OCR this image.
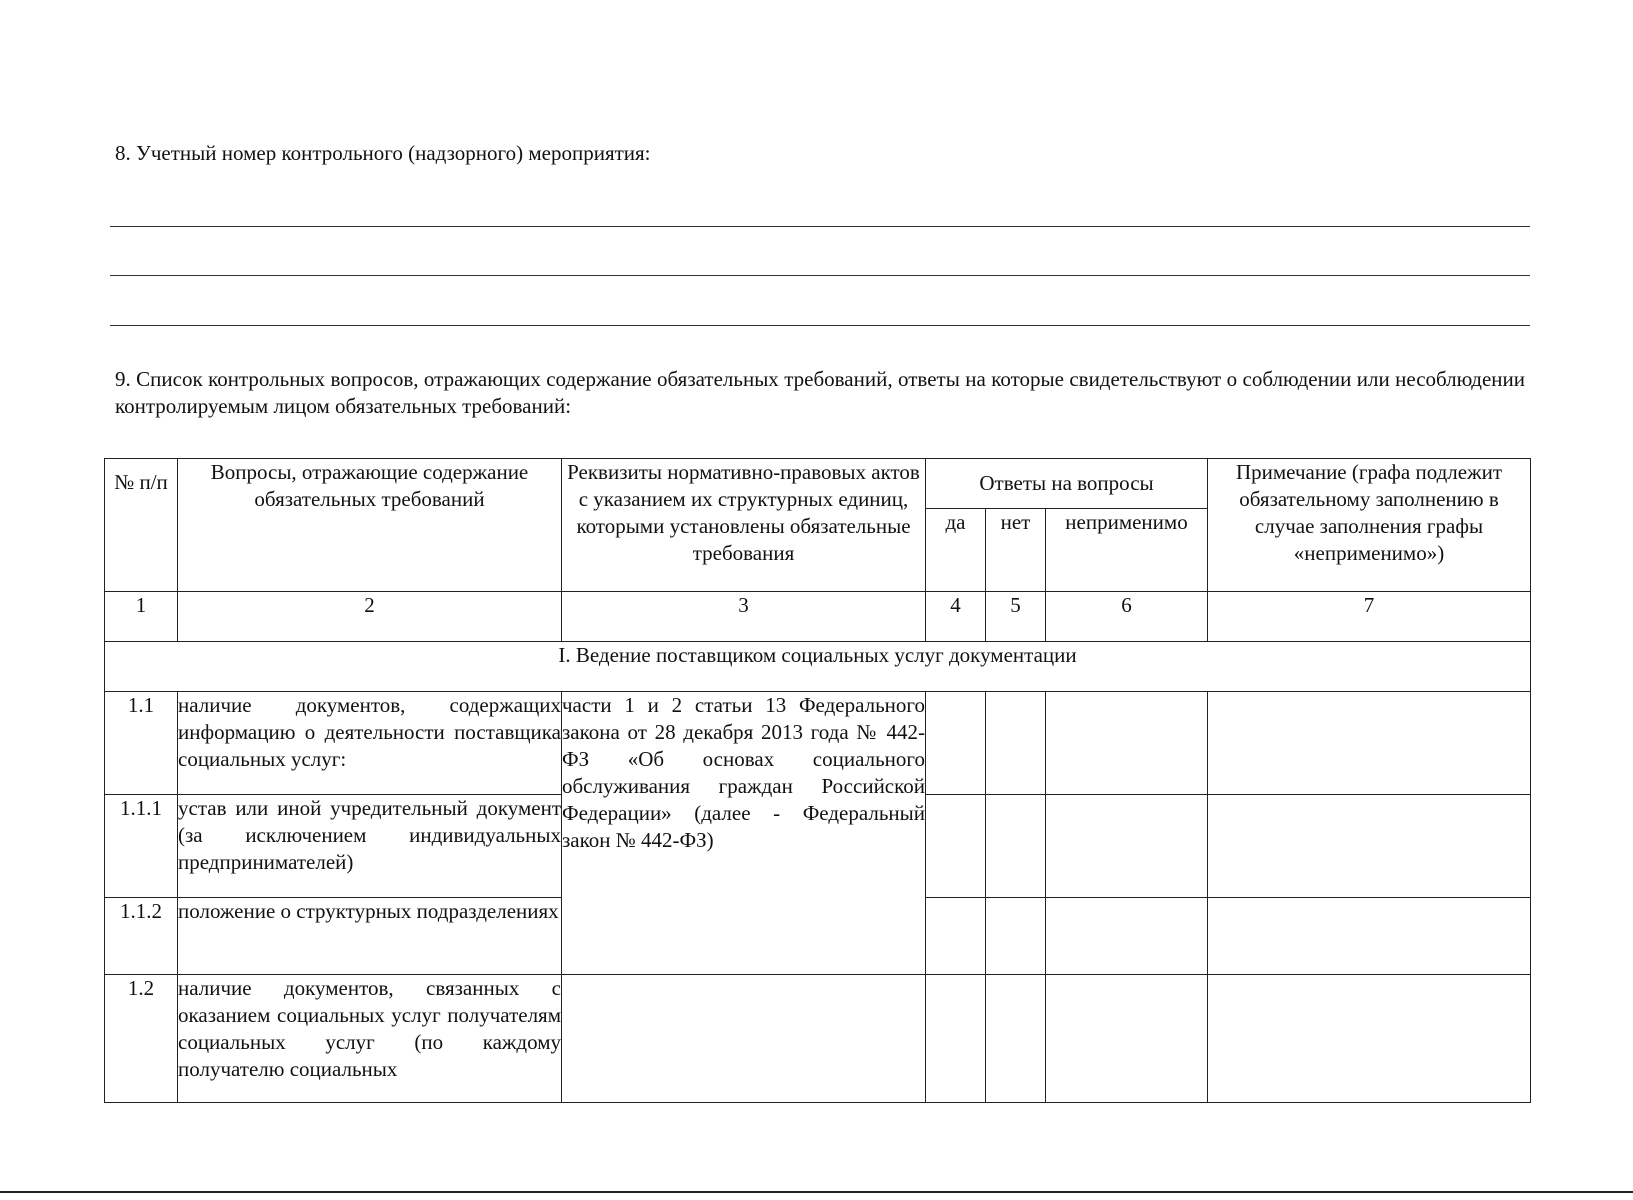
8. Учетный номер контрольного (надзорного) мероприятия:
9. Список контрольных вопросов, отражающих содержание обязательных требований, ответы на которые свидетельствуют о соблюдении или несоблюдении контролируемым лицом обязательных требований:
№ п/п	Вопросы, отражающие содержание обязательных требований	Реквизиты нормативно-правовых актов с указанием их структурных единиц, которыми установлены обязательные требования	Ответы на вопросы			Примечание (графа подлежит обязательному заполнению в случае заполнения графы «неприменимо»)
			да	нет	неприменимо	
1	2	3	4	5	6	7
I. Ведение поставщиком социальных услуг документации						
1.1	наличие документов, содержащих информацию о деятельности поставщика социальных услуг:	части 1 и 2 статьи 13 Федерального закона от 28 декабря 2013 года № 442-ФЗ «Об основах социального обслуживания граждан Российской Федерации» (далее - Федеральный закон № 442-ФЗ)				
1.1.1	устав или иной учредительный документ (за исключением индивидуальных предпринимателей)					
1.1.2	положение о структурных подразделениях					
1.2	наличие документов, связанных с оказанием социальных услуг получателям социальных услуг (по каждому получателю социальных					
